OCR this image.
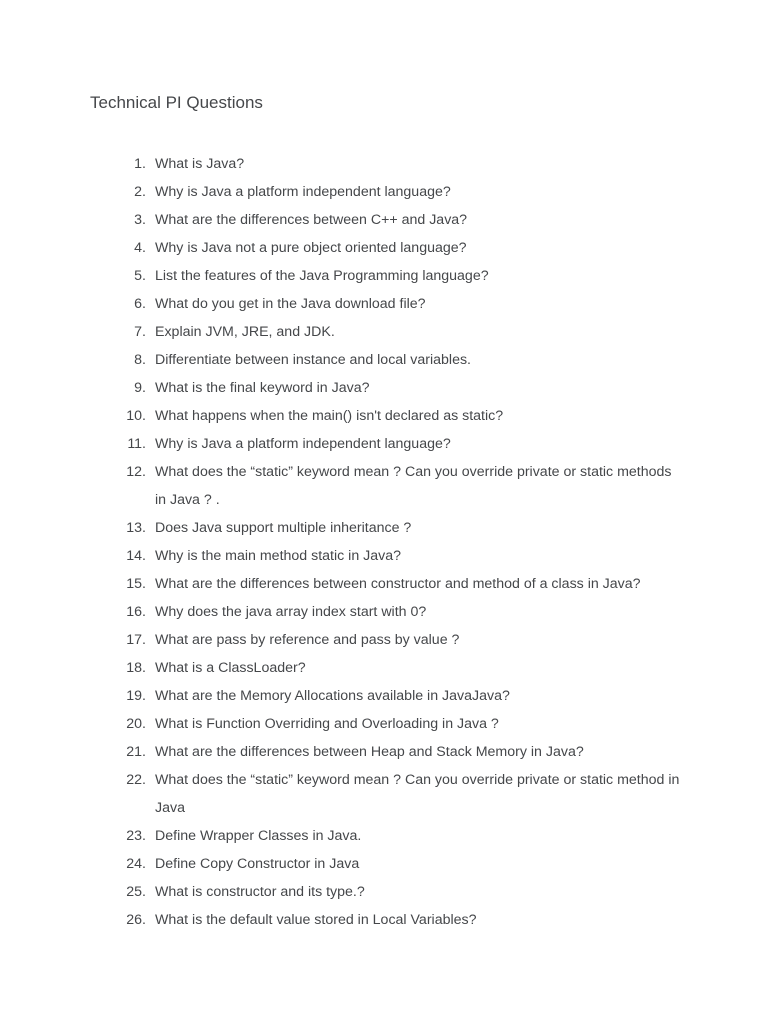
Technical PI Questions
1. What is Java?
2. Why is Java a platform independent language?
3. What are the differences between C++ and Java?
4. Why is Java not a pure object oriented language?
5. List the features of the Java Programming language?
6. What do you get in the Java download file?
7. Explain JVM, JRE, and JDK.
8. Differentiate between instance and local variables.
9. What is the final keyword in Java?
10. What happens when the main() isn't declared as static?
11. Why is Java a platform independent language?
12. What does the “static” keyword mean ? Can you override private or static methods in Java ? .
13. Does Java support multiple inheritance ?
14. Why is the main method static in Java?
15. What are the differences between constructor and method of a class in Java?
16. Why does the java array index start with 0?
17. What are pass by reference and pass by value ?
18. What is a ClassLoader?
19. What are the Memory Allocations available in JavaJava?
20. What is Function Overriding and Overloading in Java ?
21. What are the differences between Heap and Stack Memory in Java?
22. What does the “static” keyword mean ? Can you override private or static method in Java
23. Define Wrapper Classes in Java.
24. Define Copy Constructor in Java
25. What is constructor and its type.?
26. What is the default value stored in Local Variables?
